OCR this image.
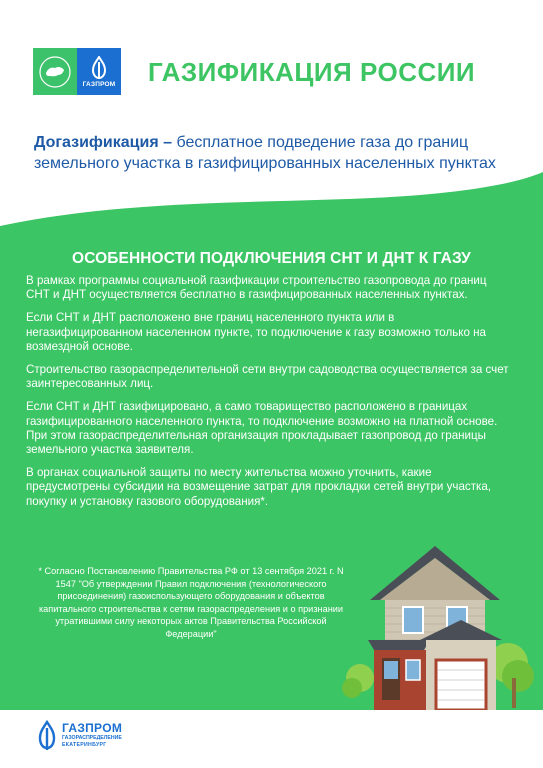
ГАЗПРОМ ГАЗИФИКАЦИЯ РОССИИ
Догазификация – бесплатное подведение газа до границ земельного участка в газифицированных населенных пунктах
ОСОБЕННОСТИ ПОДКЛЮЧЕНИЯ СНТ И ДНТ К ГАЗУ

В рамках программы социальной газификации строительство газопровода до границ СНТ и ДНТ осуществляется бесплатно в газифицированных населенных пунктах.

Если СНТ и ДНТ расположено вне границ населенного пункта или в негазифицированном населенном пункте, то подключение к газу возможно только на возмездной основе.

Строительство газораспределительной сети внутри садоводства осуществляется за счет заинтересованных лиц.

Если СНТ и ДНТ газифицировано, а само товарищество расположено в границах газифицированного населенного пункта, то подключение возможно на платной основе. При этом газораспределительная организация прокладывает газопровод до границы земельного участка заявителя.

В органах социальной защиты по месту жительства можно уточнить, какие предусмотрены субсидии на возмещение затрат для прокладки сетей внутри участка, покупку и установку газового оборудования*.

* Согласно Постановлению Правительства РФ от 13 сентября 2021 г. N 1547 "Об утверждении Правил подключения (технологического присоединения) газоиспользующего оборудования и объектов капитального строительства к сетям газораспределения и о признании утратившими силу некоторых актов Правительства Российской Федерации"
ГАЗПРОМ
ГАЗОРАСПРЕДЕЛЕНИЕ
ЕКАТЕРИНБУРГ
